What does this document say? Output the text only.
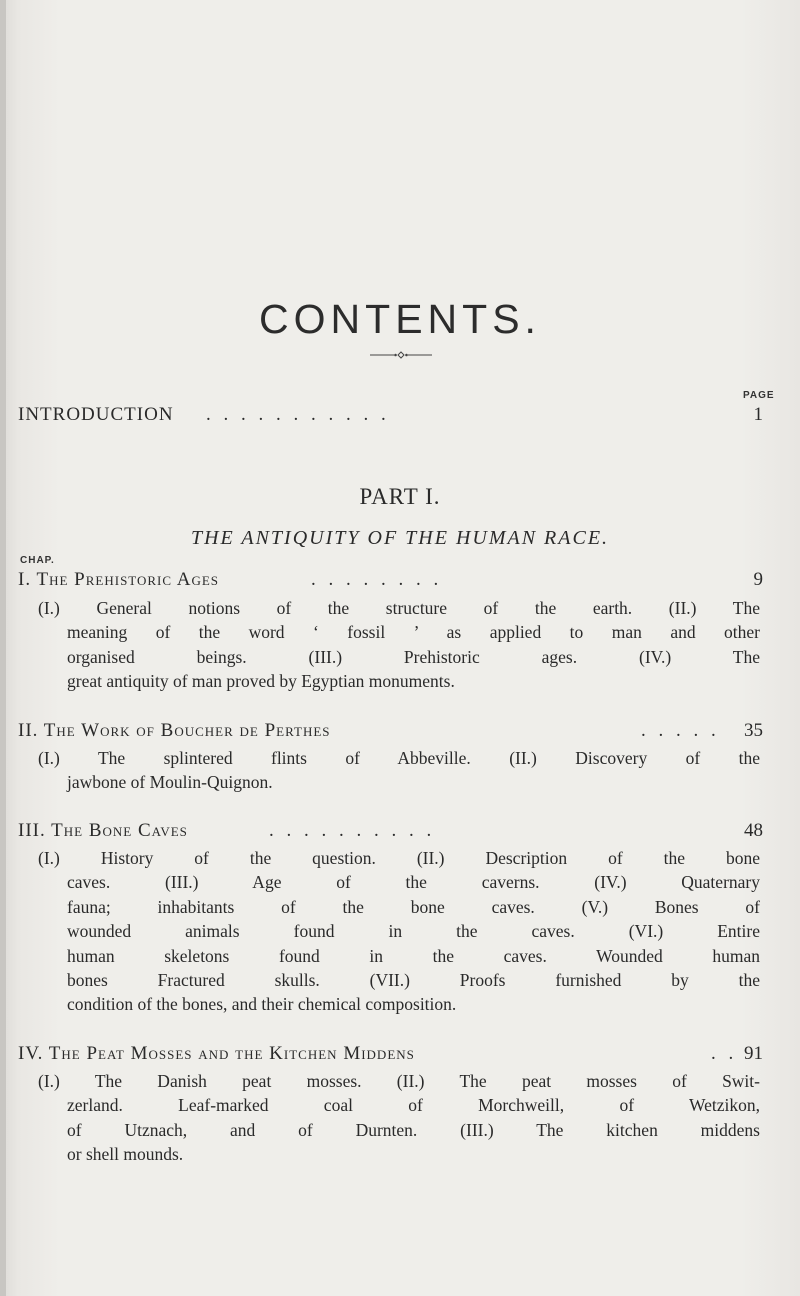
CONTENTS.
PAGE
INTRODUCTION . . . . . . . . . . .	1
PART I.
THE ANTIQUITY OF THE HUMAN RACE.
CHAP.
I. The Prehistoric Ages	. . . . . . . .	9
(I.) General notions of the structure of the earth. (II.) The
meaning of the word ‘ fossil ’ as applied to man and other
organised beings. (III.) Prehistoric ages. (IV.) The
great antiquity of man proved by Egyptian monuments.
II. The Work of Boucher de Perthes	. . . . . 35
(I.) The splintered flints of Abbeville. (II.) Discovery of the
jawbone of Moulin-Quignon.
III. The Bone Caves	. . . . . . . . . .	48
(I.) History of the question. (II.) Description of the bone
caves. (III.) Age of the caverns. (IV.) Quaternary
fauna; inhabitants of the bone caves. (V.) Bones of
wounded animals found in the caves. (VI.) Entire
human skeletons found in the caves. Wounded human
bones Fractured skulls. (VII.) Proofs furnished by the
condition of the bones, and their chemical composition.
IV. The Peat Mosses and the Kitchen Middens	. . 91
(I.) The Danish peat mosses. (II.) The peat mosses of Swit-
zerland. Leaf-marked coal of Morchweill, of Wetzikon,
of Utznach, and of Durnten. (III.) The kitchen middens
or shell mounds.
